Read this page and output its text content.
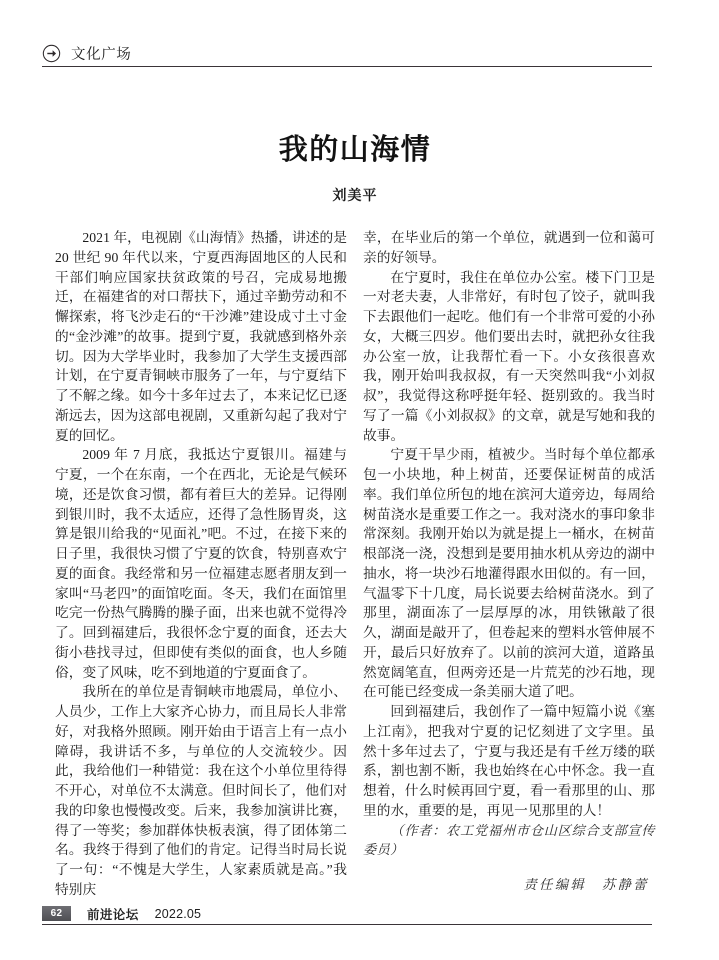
文化广场
我的山海情
刘美平

2021 年，电视剧《山海情》热播，讲述的是 20 世纪 90 年代以来，宁夏西海固地区的人民和干部们响应国家扶贫政策的号召，完成易地搬迁，在福建省的对口帮扶下，通过辛勤劳动和不懈探索，将飞沙走石的“干沙滩”建设成寸土寸金的“金沙滩”的故事。提到宁夏，我就感到格外亲切。因为大学毕业时，我参加了大学生支援西部计划，在宁夏青铜峡市服务了一年，与宁夏结下了不解之缘。如今十多年过去了，本来记忆已逐渐远去，因为这部电视剧，又重新勾起了我对宁夏的回忆。

2009 年 7 月底，我抵达宁夏银川。福建与宁夏，一个在东南，一个在西北，无论是气候环境，还是饮食习惯，都有着巨大的差异。记得刚到银川时，我不太适应，还得了急性肠胃炎，这算是银川给我的“见面礼”吧。不过，在接下来的日子里，我很快习惯了宁夏的饮食，特别喜欢宁夏的面食。我经常和另一位福建志愿者朋友到一家叫“马老四”的面馆吃面。冬天，我们在面馆里吃完一份热气腾腾的臊子面，出来也就不觉得冷了。回到福建后，我很怀念宁夏的面食，还去大街小巷找寻过，但即使有类似的面食，也人乡随俗，变了风味，吃不到地道的宁夏面食了。

我所在的单位是青铜峡市地震局，单位小、人员少，工作上大家齐心协力，而且局长人非常好，对我格外照顾。刚开始由于语言上有一点小障碍，我讲话不多，与单位的人交流较少。因此，我给他们一种错觉：我在这个小单位里待得不开心，对单位不太满意。但时间长了，他们对我的印象也慢慢改变。后来，我参加演讲比赛，得了一等奖；参加群体快板表演，得了团体第二名。我终于得到了他们的肯定。记得当时局长说了一句：“不愧是大学生，人家素质就是高。”我特别庆

幸，在毕业后的第一个单位，就遇到一位和蔼可亲的好领导。

在宁夏时，我住在单位办公室。楼下门卫是一对老夫妻，人非常好，有时包了饺子，就叫我下去跟他们一起吃。他们有一个非常可爱的小孙女，大概三四岁。他们要出去时，就把孙女往我办公室一放，让我帮忙看一下。小女孩很喜欢我，刚开始叫我叔叔，有一天突然叫我“小刘叔叔”，我觉得这称呼挺年轻、挺别致的。我当时写了一篇《小刘叔叔》的文章，就是写她和我的故事。

宁夏干旱少雨，植被少。当时每个单位都承包一小块地，种上树苗，还要保证树苗的成活率。我们单位所包的地在滨河大道旁边，每周给树苗浇水是重要工作之一。我对浇水的事印象非常深刻。我刚开始以为就是提上一桶水，在树苗根部浇一浇，没想到是要用抽水机从旁边的湖中抽水，将一块沙石地灌得跟水田似的。有一回，气温零下十几度，局长说要去给树苗浇水。到了那里，湖面冻了一层厚厚的冰，用铁锹敲了很久，湖面是敲开了，但卷起来的塑料水管伸展不开，最后只好放弃了。以前的滨河大道，道路虽然宽阔笔直，但两旁还是一片荒芜的沙石地，现在可能已经变成一条美丽大道了吧。

回到福建后，我创作了一篇中短篇小说《塞上江南》，把我对宁夏的记忆刻进了文字里。虽然十多年过去了，宁夏与我还是有千丝万缕的联系，割也割不断，我也始终在心中怀念。我一直想着，什么时候再回宁夏，看一看那里的山、那里的水，重要的是，再见一见那里的人！

（作者：农工党福州市仓山区综合支部宣传委员）

责任编辑　苏静蕾

62	前进论坛 2022.05
